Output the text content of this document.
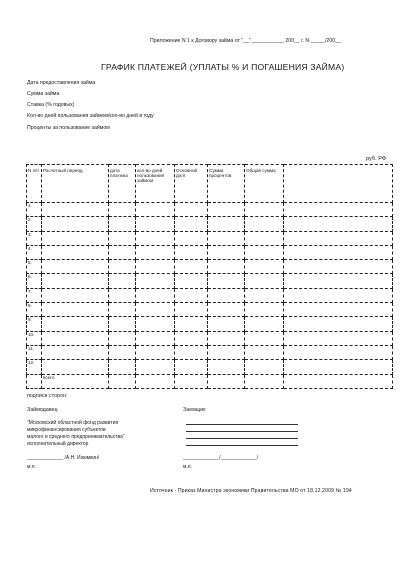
Приложение N 1 к Договору займа от "__" ___________ 200__ г. N _____/200__
ГРАФИК ПЛАТЕЖЕЙ (УПЛАТЫ % И ПОГАШЕНИЯ ЗАЙМА)
Дата предоставления займа
Сумма займа
Ставка (% годовых)
Кол-во дней пользования займом/кол-во дней в году
Проценты за пользование займом
руб. РФ
N п/п	Расчетный период	дата платежа	кол-во дней пользования займом	Основной долг	Сумма процентов	Общая сумма	
1.							
2.							
3.							
4.							
5.							
6.							
7.							
8.							
9.							
10.							
11.							
12.							
	всего						
подписи сторон:
Займодавец	Заемщик
"Московский областной фонд развития
микрофинансирования субъектов
малого и среднего предпринимательства"
исполнительный директор
_____________ /А.Н. Изюмкин/	_____________/_____________/
м.п.	м.п.
Источник - Приказ Министра экономики Правительства МО от 18.12.2009 № 194
